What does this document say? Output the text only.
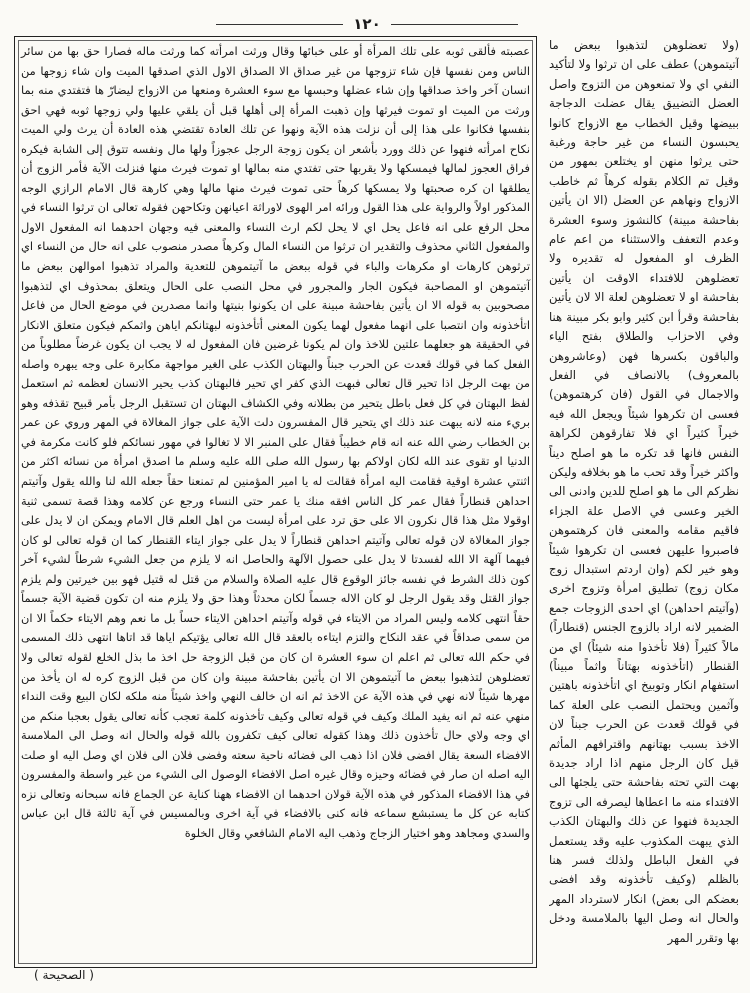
١٢٠

عصبته فألقى ثوبه على تلك المرأة أو على خبائها وقال ورثت امرأته كما ورثت ماله فصارا حق بها من سائر الناس ومن نفسها فإن شاء تزوجها من غير صداق الا الصداق الاول الذي اصدقها الميت وان شاء زوجها من انسان آخر واخذ صداقها وإن شاء عضلها وحبسها مع سوء العشرة ومنعها من الازواج ليضارّ ها فتفتدي منه بما ورثت من الميت او تموت فيرثها وإن ذهبت المرأة إلى أهلها قبل أن يلقي عليها ولي زوجها ثوبه فهي احق بنفسها فكانوا على هذا إلى أن نزلت هذه الآية ونهوا عن تلك العادة تقتضي هذه العادة أن يرث ولي الميت نكاح امرأته فنهوا عن ذلك وورد بأشعر ان يكون زوجة الرجل عجوزاً ولها مال ونفسه تتوق إلى الشابة فيكره فراق العجوز لمالها فيمسكها ولا يقربها حتى تفتدي منه بمالها او تموت فيرث منها فنزلت الآية فأمر الزوج أن يطلقها ان كره صحبتها ولا يمسكها كرهاً حتى تموت فيرث منها مالها وهي كارهة قال الامام الرازي الوجه المذكور اولاً والرواية على هذا القول ورائه امر الهوى لاوراثة اعيانهن وتكاحهن فقوله تعالى ان ترثوا النساء في محل الرفع على انه فاعل يحل اي لا يحل لكم ارث النساء والمعنى فيه وجهان احدهما انه المفعول الاول والمفعول الثاني محذوف والتقدير ان ترثوا من النساء المال وكرهاً مصدر منصوب على انه حال من النساء اي ترثوهن كارهات او مكرهات والباء في قوله ببعض ما آتيتموهن للتعدية والمراد تذهبوا اموالهن ببعض ما آتيتموهن او المصاحبة فيكون الجار والمجرور في محل النصب على الحال ويتعلق بمحذوف اي لتذهبوا مصحوبين به قوله الا ان يأتين بفاحشة مبينة على ان يكونوا بنيتها وانما مصدرين في موضع الحال من فاعل اتأخذونه وان انتصبا على انهما مفعول لهما يكون المعنى أتأخذونه لبهتانكم اياهن واثمكم فيكون متعلق الانكار في الحقيقة هو جعلهما علتين للاخذ وان لم يكونا غرضين فان المفعول له لا يجب ان يكون غرضاً مطلوباً من الفعل كما في قولك قعدت عن الحرب جبناً والبهتان الكذب على الغير مواجهة مكابرة على وجه يبهره واصله من بهت الرجل اذا تحير قال تعالى فبهت الذي كفر اي تحير فالبهتان كذب يحير الانسان لعظمه ثم استعمل لفظ البهتان في كل فعل باطل يتحير من بطلانه وفي الكشاف البهتان ان تستقبل الرجل بأمر قبيح تقذفه وهو بريء منه لانه يبهت عند ذلك اي يتحير قال المفسرون دلت الآية على جواز المغالاة في المهر وروي عن عمر بن الخطاب رضي الله عنه انه قام خطيباً فقال على المنبر الا لا تغالوا في مهور نسائكم فلو كانت مكرمة في الدنيا او تقوى عند الله لكان اولاكم بها رسول الله صلى الله عليه وسلم ما اصدق امرأة من نسائه اكثر من اثنتي عشرة اوقية فقامت اليه امرأة فقالت له يا امير المؤمنين لم تمنعنا حقاً جعله الله لنا والله يقول وآتيتم احداهن قنطاراً فقال عمر كل الناس افقه منك يا عمر حتى النساء ورجع عن كلامه وهذا قصة تسمى ثنية اوقولا مثل هذا قال نكرون الا على حق ترد على امرأة ليست من اهل العلم قال الامام ويمكن ان لا يدل على جواز المغالاة لان قوله تعالى وآتيتم احداهن قنطاراً لا يدل على جواز ايتاء القنطار كما ان قوله تعالى لو كان فيهما آلهة الا الله لفسدتا لا يدل على حصول الآلهة والحاصل انه لا يلزم من جعل الشيء شرطاً لشيء آخر كون ذلك الشرط في نفسه جائز الوقوع قال عليه الصلاة والسلام من قتل له قتيل فهو بين خيرتين ولم يلزم جواز القتل وقد يقول الرجل لو كان الاله جسماً لكان محدثاً وهذا حق ولا يلزم منه ان تكون قضية الآية جسماً حقاً انتهى كلامه وليس المراد من الايتاء في قوله وآتيتم احداهن الايتاء حساً بل ما نعم وهم الايتاء حكماً الا ان من سمى صداقاً في عقد النكاح والتزم ايتاءه بالعقد قال الله تعالى يؤتيكم اياها قد اتاها انتهى ذلك المسمى في حكم الله تعالى ثم اعلم ان سوء العشرة ان كان من قبل الزوجة حل اخذ ما بذل الخلع لقوله تعالى ولا تعضلوهن لتذهبوا ببعض ما آتيتموهن الا ان يأتين بفاحشة مبينة وان كان من قبل الزوج كره له ان يأخذ من مهرها شيئاً لانه نهي في هذه الآية عن الاخذ ثم انه ان خالف النهي واخذ شيئاً منه ملكه لكان البيع وقت النداء منهي عنه ثم انه يفيد الملك وكيف في قوله تعالى وكيف تأخذونه كلمة تعجب كأنه تعالى يقول بعجبا منكم من اي وجه ولاي حال تأخذون ذلك وهذا كقوله تعالى كيف تكفرون بالله قوله والحال انه وصل الى الملامسة الافضاء السعة يقال افضى فلان اذا ذهب الى فضائه ناحية سعته وفضى فلان الى فلان اي وصل اليه او صلت اليه اصله ان صار في فضائه وحيزه وقال غيره اصل الافضاء الوصول الى الشيء من غير واسطة والمفسرون في هذا الافضاء المذكور في هذه الآية قولان احدهما ان الافضاء ههنا كناية عن الجماع فانه سبحانه وتعالى نزه كتابه عن كل ما يستبشع سماعه فانه كنى بالافضاء في آية اخرى وبالمسيس في آية ثالثة قال ابن عباس والسدي ومجاهد وهو اختيار الزجاج وذهب اليه الامام الشافعي وقال الخلوة

(ولا تعضلوهن لتذهبوا ببعض ما آتيتموهن) عطف على ان ترثوا ولا لتأكيد النفي اي ولا تمنعوهن من التزوج واصل العضل التضييق يقال عضلت الدجاجة ببيضها وقيل الخطاب مع الازواج كانوا يحبسون النساء من غير حاجة ورغبة حتى يرثوا منهن او يختلعن بمهور من وقيل تم الكلام بقوله كرهاً ثم خاطب الازواج ونهاهم عن العضل (الا ان يأتين بفاحشة مبينة) كالنشوز وسوء العشرة وعدم التعفف والاستثناء من اعم عام الظرف او المفعول له تقديره ولا تعضلوهن للافتداء الاوقت ان يأتين بفاحشة او لا تعضلوهن لعلة الا لان يأتين بفاحشة وقرأ ابن كثير وابو بكر مبينة هنا وفي الاحزاب والطلاق بفتح الياء والباقون بكسرها فهن (وعاشروهن بالمعروف) بالانصاف في الفعل والاجمال في القول (فان كرهتموهن) فعسى ان تكرهوا شيئاً ويجعل الله فيه خيراً كثيراً اي فلا تفارقوهن لكراهة النفس فانها قد تكره ما هو اصلح ديناً واكثر خيراً وقد تحب ما هو بخلافه وليكن نظركم الى ما هو اصلح للدين وادنى الى الخير وعسى في الاصل علة الجزاء فاقيم مقامه والمعنى فان كرهتموهن فاصبروا عليهن فعسى ان تكرهوا شيئاً وهو خير لكم (وان اردتم استبدال زوج مكان زوج) تطليق امرأة وتزوج اخرى (وآتيتم احداهن) اي احدى الزوجات جمع الضمير لانه اراد بالزوج الجنس (قنطاراً) مالاً كثيراً (فلا تأخذوا منه شيئاً) اي من القنطار (اتأخذونه بهتاناً واثماً مبيناً) استفهام انكار وتوبيخ اي اتأخذونه باهتين وآثمين ويحتمل النصب على العلة كما في قولك قعدت عن الحرب جبناً لان الاخذ بسبب بهتانهم واقترافهم المأثم قيل كان الرجل منهم اذا اراد جديدة بهت التي تحته بفاحشة حتى يلجئها الى الافتداء منه ما اعطاها ليصرفه الى تزوج الجديدة فنهوا عن ذلك والبهتان الكذب الذي يبهت المكذوب عليه وقد يستعمل في الفعل الباطل ولذلك فسر هنا بالظلم (وكيف تأخذونه وقد افضى بعضكم الى بعض) انكار لاسترداد المهر والحال انه وصل اليها بالملامسة ودخل بها وتقرر المهر

( الصحيحة )
